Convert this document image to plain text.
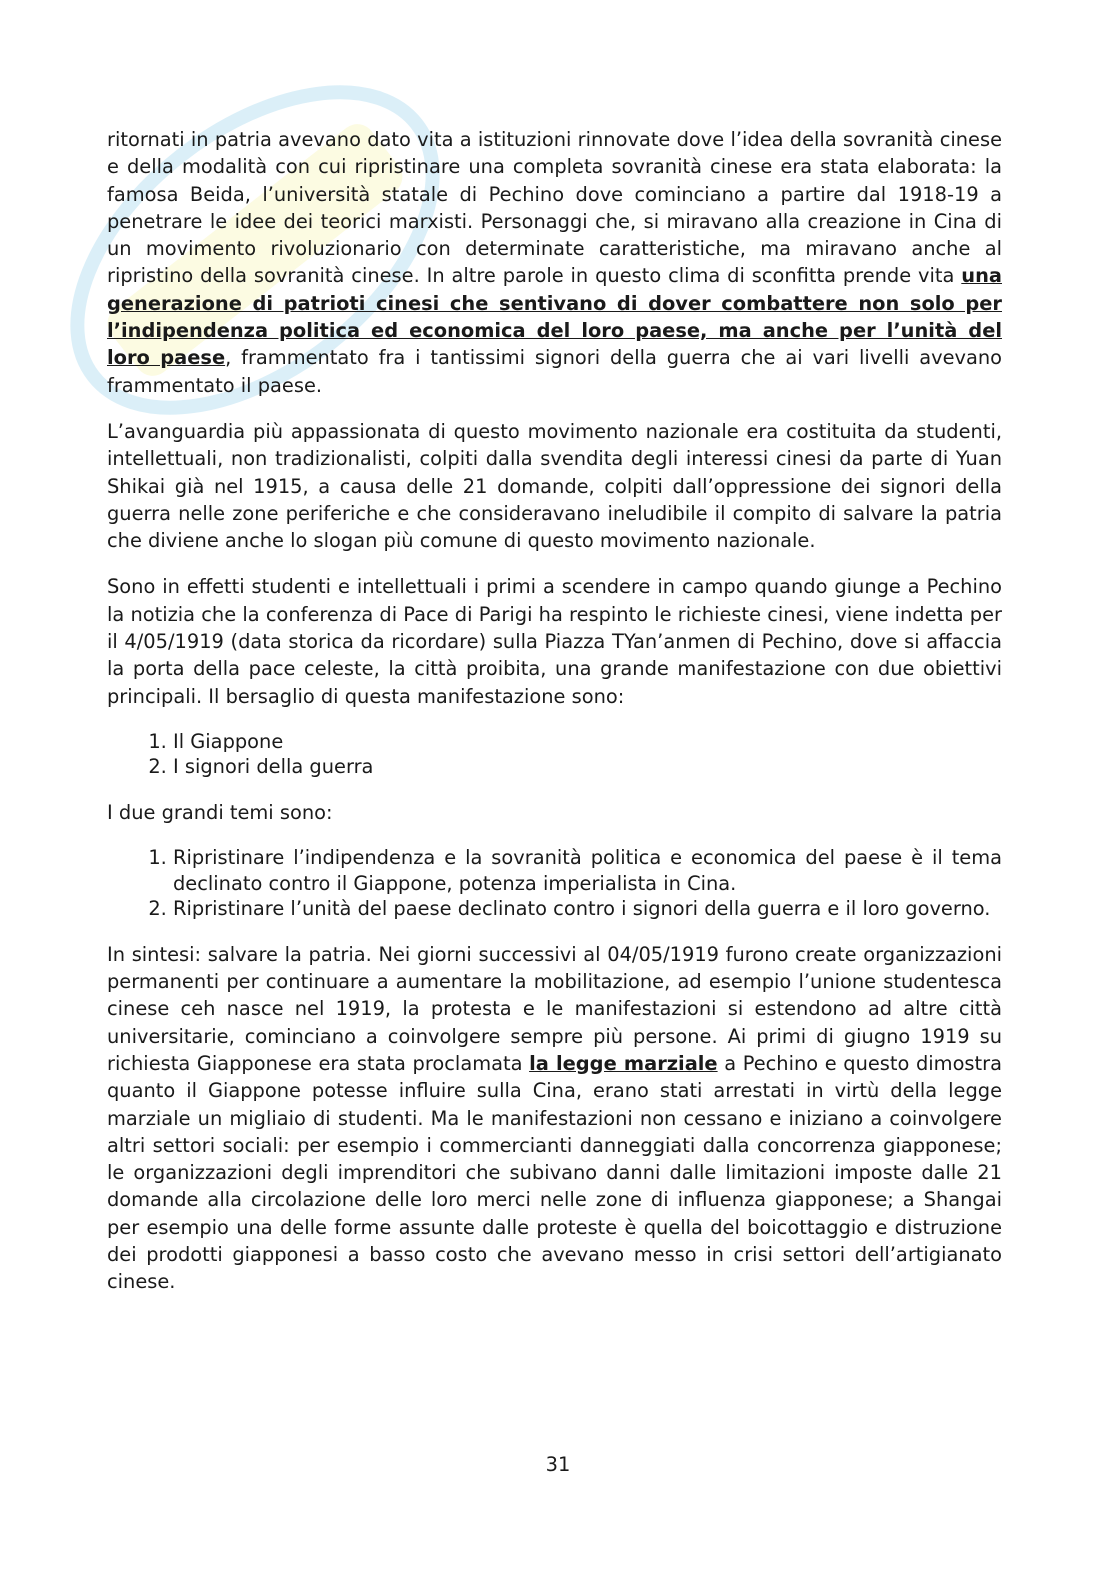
ritornati in patria avevano dato vita a istituzioni rinnovate dove l’idea della sovranità cinese e della modalità con cui ripristinare una completa sovranità cinese era stata elaborata: la famosa Beida, l’università statale di Pechino dove cominciano a partire dal 1918-19 a penetrare le idee dei teorici marxisti. Personaggi che, si miravano alla creazione in Cina di un movimento rivoluzionario con determinate caratteristiche, ma miravano anche al ripristino della sovranità cinese. In altre parole in questo clima di sconfitta prende vita una generazione di patrioti cinesi che sentivano di dover combattere non solo per l’indipendenza politica ed economica del loro paese, ma anche per l’unità del loro paese, frammentato fra i tantissimi signori della guerra che ai vari livelli avevano frammentato il paese.

L’avanguardia più appassionata di questo movimento nazionale era costituita da studenti, intellettuali, non tradizionalisti, colpiti dalla svendita degli interessi cinesi da parte di Yuan Shikai già nel 1915, a causa delle 21 domande, colpiti dall’oppressione dei signori della guerra nelle zone periferiche e che consideravano ineludibile il compito di salvare la patria che diviene anche lo slogan più comune di questo movimento nazionale.

Sono in effetti studenti e intellettuali i primi a scendere in campo quando giunge a Pechino la notizia che la conferenza di Pace di Parigi ha respinto le richieste cinesi, viene indetta per il 4/05/1919 (data storica da ricordare) sulla Piazza TYan’anmen di Pechino, dove si affaccia la porta della pace celeste, la città proibita, una grande manifestazione con due obiettivi principali. Il bersaglio di questa manifestazione sono:

1. Il Giappone
2. I signori della guerra

I due grandi temi sono:

1. Ripristinare l’indipendenza e la sovranità politica e economica del paese è il tema declinato contro il Giappone, potenza imperialista in Cina.
2. Ripristinare l’unità del paese declinato contro i signori della guerra e il loro governo.

In sintesi: salvare la patria. Nei giorni successivi al 04/05/1919 furono create organizzazioni permanenti per continuare a aumentare la mobilitazione, ad esempio l’unione studentesca cinese ceh nasce nel 1919, la protesta e le manifestazioni si estendono ad altre città universitarie, cominciano a coinvolgere sempre più persone. Ai primi di giugno 1919 su richiesta Giapponese era stata proclamata la legge marziale a Pechino e questo dimostra quanto il Giappone potesse influire sulla Cina, erano stati arrestati in virtù della legge marziale un migliaio di studenti. Ma le manifestazioni non cessano e iniziano a coinvolgere altri settori sociali: per esempio i commercianti danneggiati dalla concorrenza giapponese; le organizzazioni degli imprenditori che subivano danni dalle limitazioni imposte dalle 21 domande alla circolazione delle loro merci nelle zone di influenza giapponese; a Shangai per esempio una delle forme assunte dalle proteste è quella del boicottaggio e distruzione dei prodotti giapponesi a basso costo che avevano messo in crisi settori dell’artigianato cinese.

31
